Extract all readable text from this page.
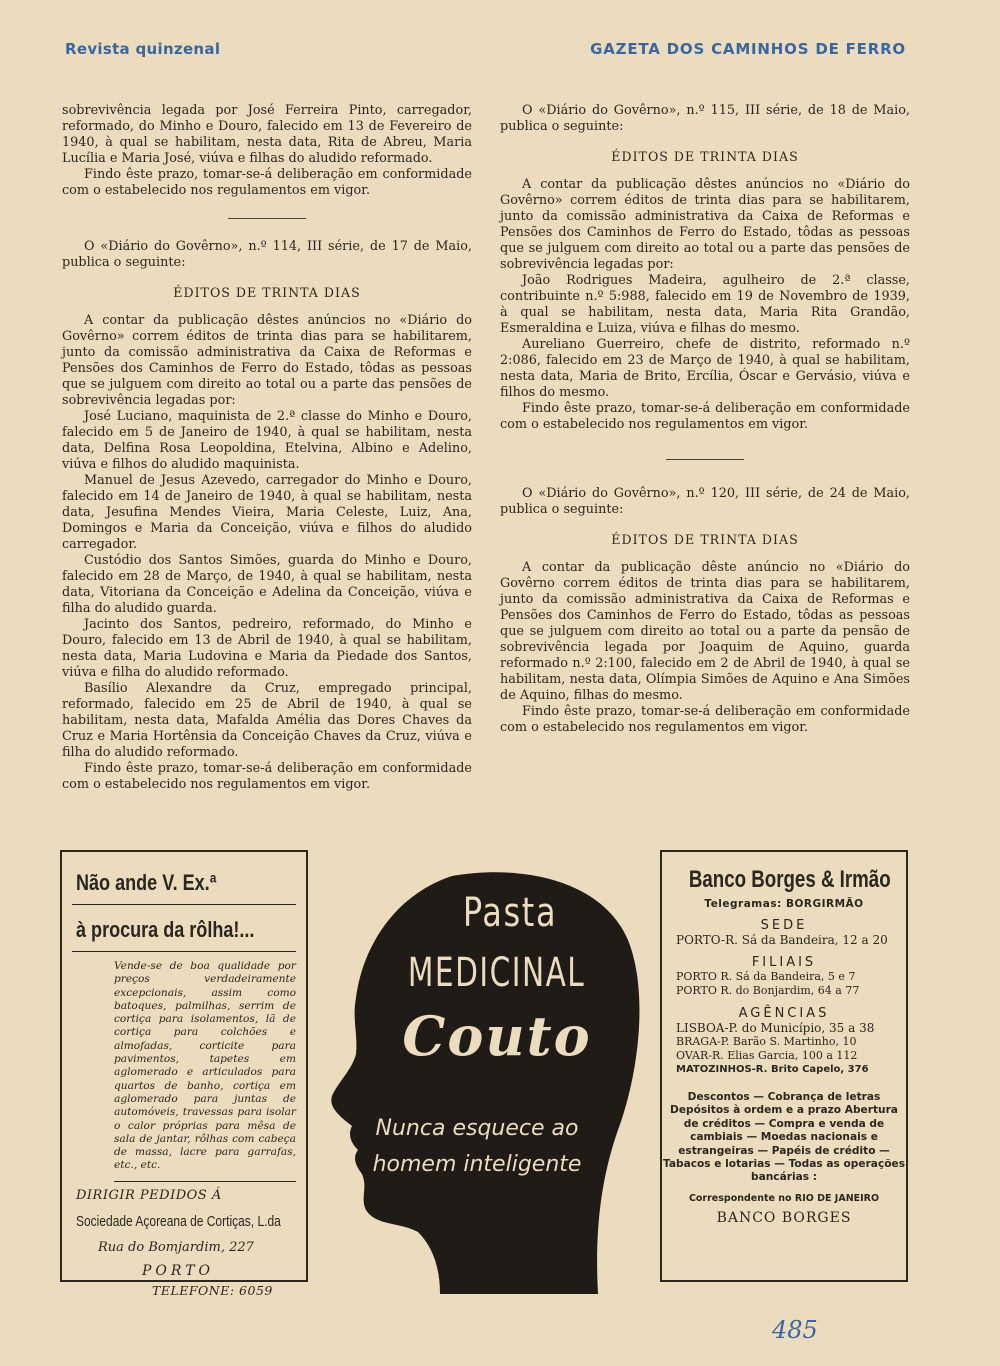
Revista quinzenal	GAZETA DOS CAMINHOS DE FERRO

sobrevivência legada por José Ferreira Pinto, carregador, reformado, do Minho e Douro, falecido em 13 de Fevereiro de 1940, à qual se habilitam, nesta data, Rita de Abreu, Maria Lucília e Maria José, viúva e filhas do aludido reformado.

Findo êste prazo, tomar-se-á deliberação em conformidade com o estabelecido nos regulamentos em vigor.

O «Diário do Govêrno», n.º 114, III série, de 17 de Maio, publica o seguinte:

ÉDITOS DE TRINTA DIAS

A contar da publicação dêstes anúncios no «Diário do Govêrno» correm éditos de trinta dias para se habilitarem, junto da comissão administrativa da Caixa de Reformas e Pensões dos Caminhos de Ferro do Estado, tôdas as pessoas que se julguem com direito ao total ou a parte das pensões de sobrevivência legadas por:

José Luciano, maquinista de 2.ª classe do Minho e Douro, falecido em 5 de Janeiro de 1940, à qual se habilitam, nesta data, Delfina Rosa Leopoldina, Etelvina, Albino e Adelino, viúva e filhos do aludido maquinista.

Manuel de Jesus Azevedo, carregador do Minho e Douro, falecido em 14 de Janeiro de 1940, à qual se habilitam, nesta data, Jesufina Mendes Vieira, Maria Celeste, Luiz, Ana, Domingos e Maria da Conceição, viúva e filhos do aludido carregador.

Custódio dos Santos Simões, guarda do Minho e Douro, falecido em 28 de Março, de 1940, à qual se habilitam, nesta data, Vitoriana da Conceição e Adelina da Conceição, viúva e filha do aludido guarda.

Jacinto dos Santos, pedreiro, reformado, do Minho e Douro, falecido em 13 de Abril de 1940, à qual se habilitam, nesta data, Maria Ludovina e Maria da Piedade dos Santos, viúva e filha do aludido reformado.

Basílio Alexandre da Cruz, empregado principal, reformado, falecido em 25 de Abril de 1940, à qual se habilitam, nesta data, Mafalda Amélia das Dores Chaves da Cruz e Maria Hortênsia da Conceição Chaves da Cruz, viúva e filha do aludido reformado.

Findo êste prazo, tomar-se-á deliberação em conformidade com o estabelecido nos regulamentos em vigor.

O «Diário do Govêrno», n.º 115, III série, de 18 de Maio, publica o seguinte:

ÉDITOS DE TRINTA DIAS

A contar da publicação dêstes anúncios no «Diário do Govêrno» correm éditos de trinta dias para se habilitarem, junto da comissão administrativa da Caixa de Reformas e Pensões dos Caminhos de Ferro do Estado, tôdas as pessoas que se julguem com direito ao total ou a parte das pensões de sobrevivência legadas por:

João Rodrigues Madeira, agulheiro de 2.ª classe, contribuinte n.º 5:988, falecido em 19 de Novembro de 1939, à qual se habilitam, nesta data, Maria Rita Grandão, Esmeraldina e Luiza, viúva e filhas do mesmo.

Aureliano Guerreiro, chefe de distrito, reformado n.º 2:086, falecido em 23 de Março de 1940, à qual se habilitam, nesta data, Maria de Brito, Ercília, Óscar e Gervásio, viúva e filhos do mesmo.

Findo êste prazo, tomar-se-á deliberação em conformidade com o estabelecido nos regulamentos em vigor.

O «Diário do Govêrno», n.º 120, III série, de 24 de Maio, publica o seguinte:

ÉDITOS DE TRINTA DIAS

A contar da publicação dêste anúncio no «Diário do Govêrno correm éditos de trinta dias para se habilitarem, junto da comissão administrativa da Caixa de Reformas e Pensões dos Caminhos de Ferro do Estado, tôdas as pessoas que se julguem com direito ao total ou a parte da pensão de sobrevivência legada por Joaquim de Aquino, guarda reformado n.º 2:100, falecido em 2 de Abril de 1940, à qual se habilitam, nesta data, Olímpia Simões de Aquino e Ana Simões de Aquino, filhas do mesmo.

Findo êste prazo, tomar-se-á deliberação em conformidade com o estabelecido nos regulamentos em vigor.

Não ande V. Ex.ª
à procura da rôlha!...
Vende-se de boa qualidade por preços verdadeiramente excepcionais, assim como batoques, palmilhas, serrim de cortiça para isolamentos, lã de cortiça para colchões e almofadas, corticite para pavimentos, tapetes em aglomerado e articulados para quartos de banho, cortiça em aglomerado para juntas de automóveis, travessas para isolar o calor próprias para mêsa de sala de jantar, rôlhas com cabeça de massa, lacre para garrafas, etc., etc.
DIRIGIR PEDIDOS Á
Sociedade Açoreana de Cortiças, L.da
Rua do Bomjardim, 227
PORTO
TELEFONE: 6059
Pasta
MEDICINAL
Couto
Nunca esquece ao
homem inteligente
Banco Borges & Irmão
Telegramas: BORGIRMÃO
SEDE
PORTO-R. Sá da Bandeira, 12 a 20
FILIAIS
PORTO R. Sá da Bandeira, 5 e 7
PORTO R. do Bonjardim, 64 a 77
AGÊNCIAS
LISBOA-P. do Município, 35 a 38
BRAGA-P. Barão S. Martinho, 10
OVAR-R. Elias Garcia, 100 a 112
MATOZINHOS-R. Brito Capelo, 376
Descontos — Cobrança de letras Depósitos à ordem e a prazo Abertura de créditos — Compra e venda de cambiais — Moedas nacionais e estrangeiras — Papéis de crédito — Tabacos e lotarias — Todas as operações bancárias :
Correspondente no RIO DE JANEIRO
BANCO BORGES
485
